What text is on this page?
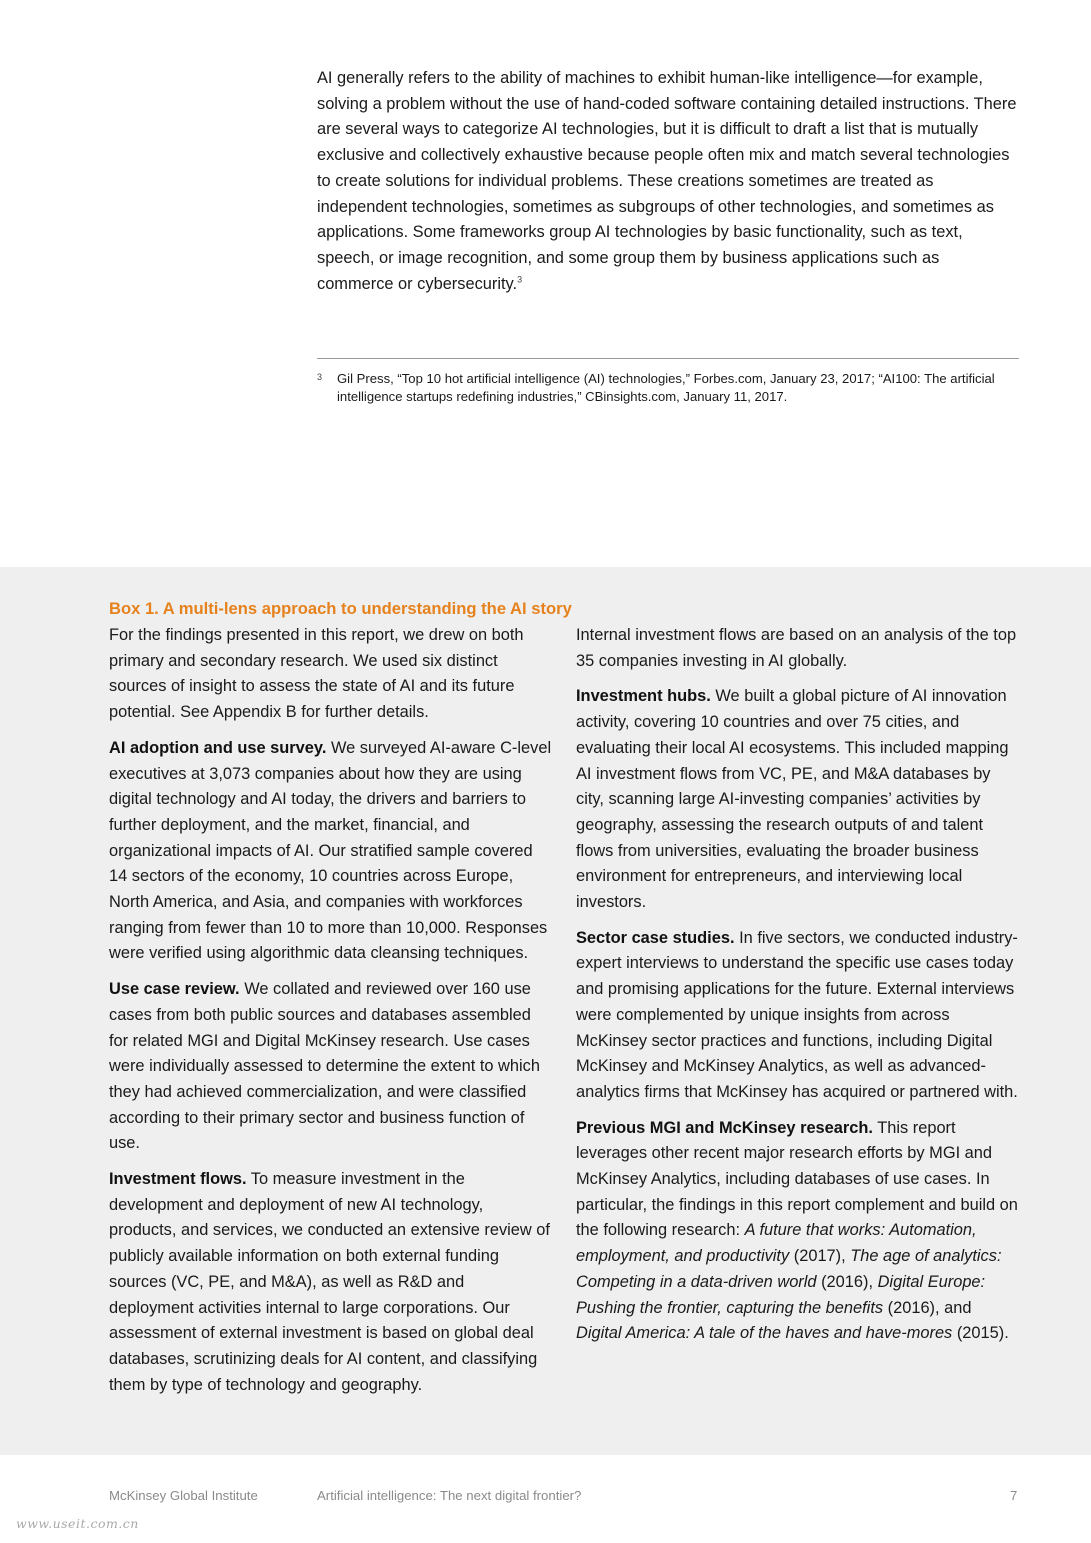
AI generally refers to the ability of machines to exhibit human-like intelligence—for example, solving a problem without the use of hand-coded software containing detailed instructions. There are several ways to categorize AI technologies, but it is difficult to draft a list that is mutually exclusive and collectively exhaustive because people often mix and match several technologies to create solutions for individual problems. These creations sometimes are treated as independent technologies, sometimes as subgroups of other technologies, and sometimes as applications. Some frameworks group AI technologies by basic functionality, such as text, speech, or image recognition, and some group them by business applications such as commerce or cybersecurity.$^3$

3 Gil Press, “Top 10 hot artificial intelligence (AI) technologies,” Forbes.com, January 23, 2017; “AI100: The artificial intelligence startups redefining industries,” CBinsights.com, January 11, 2017.
Box 1. A multi-lens approach to understanding the AI story

For the findings presented in this report, we drew on both primary and secondary research. We used six distinct sources of insight to assess the state of AI and its future potential. See Appendix B for further details.

AI adoption and use survey. We surveyed AI-aware C-level executives at 3,073 companies about how they are using digital technology and AI today, the drivers and barriers to further deployment, and the market, financial, and organizational impacts of AI. Our stratified sample covered 14 sectors of the economy, 10 countries across Europe, North America, and Asia, and companies with workforces ranging from fewer than 10 to more than 10,000. Responses were verified using algorithmic data cleansing techniques.

Use case review. We collated and reviewed over 160 use cases from both public sources and databases assembled for related MGI and Digital McKinsey research. Use cases were individually assessed to determine the extent to which they had achieved commercialization, and were classified according to their primary sector and business function of use.

Investment flows. To measure investment in the development and deployment of new AI technology, products, and services, we conducted an extensive review of publicly available information on both external funding sources (VC, PE, and M&A), as well as R&D and deployment activities internal to large corporations. Our assessment of external investment is based on global deal databases, scrutinizing deals for AI content, and classifying them by type of technology and geography.

Internal investment flows are based on an analysis of the top 35 companies investing in AI globally.

Investment hubs. We built a global picture of AI innovation activity, covering 10 countries and over 75 cities, and evaluating their local AI ecosystems. This included mapping AI investment flows from VC, PE, and M&A databases by city, scanning large AI-investing companies’ activities by geography, assessing the research outputs of and talent flows from universities, evaluating the broader business environment for entrepreneurs, and interviewing local investors.

Sector case studies. In five sectors, we conducted industry-expert interviews to understand the specific use cases today and promising applications for the future. External interviews were complemented by unique insights from across McKinsey sector practices and functions, including Digital McKinsey and McKinsey Analytics, as well as advanced-analytics firms that McKinsey has acquired or partnered with.

Previous MGI and McKinsey research. This report leverages other recent major research efforts by MGI and McKinsey Analytics, including databases of use cases. In particular, the findings in this report complement and build on the following research: A future that works: Automation, employment, and productivity (2017), The age of analytics: Competing in a data-driven world (2016), Digital Europe: Pushing the frontier, capturing the benefits (2016), and Digital America: A tale of the haves and have-mores (2015).

McKinsey Global Institute	Artificial intelligence: The next digital frontier?	7
www.useit.com.cn
